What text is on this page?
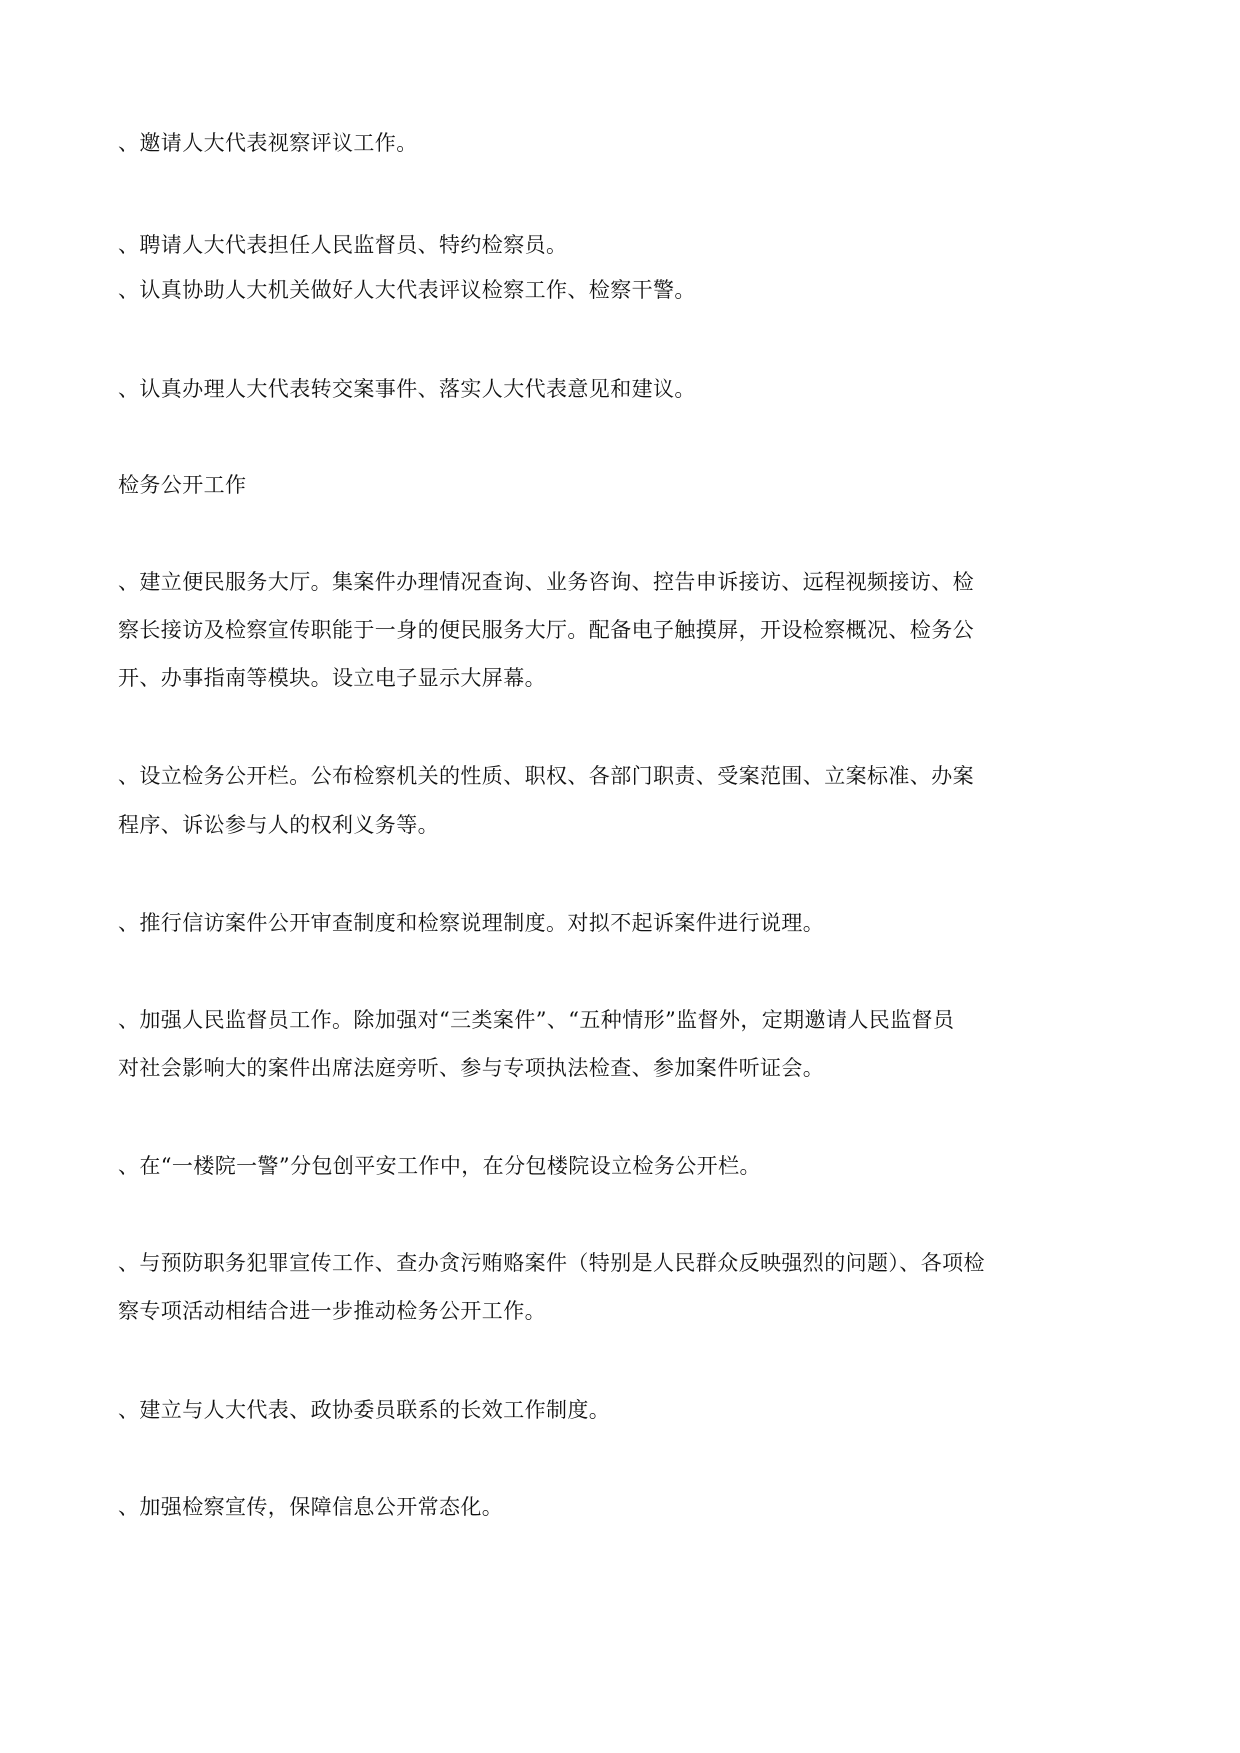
、邀请人大代表视察评议工作。
、聘请人大代表担任人民监督员、特约检察员。
、认真协助人大机关做好人大代表评议检察工作、检察干警。
、认真办理人大代表转交案事件、落实人大代表意见和建议。
检务公开工作
、建立便民服务大厅。集案件办理情况查询、业务咨询、控告申诉接访、远程视频接访、检
察长接访及检察宣传职能于一身的便民服务大厅。配备电子触摸屏，开设检察概况、检务公
开、办事指南等模块。设立电子显示大屏幕。
、设立检务公开栏。公布检察机关的性质、职权、各部门职责、受案范围、立案标准、办案
程序、诉讼参与人的权利义务等。
、推行信访案件公开审查制度和检察说理制度。对拟不起诉案件进行说理。
、加强人民监督员工作。除加强对“三类案件”、“五种情形”监督外，定期邀请人民监督员
对社会影响大的案件出席法庭旁听、参与专项执法检查、参加案件听证会。
、在“一楼院一警”分包创平安工作中，在分包楼院设立检务公开栏。
、与预防职务犯罪宣传工作、查办贪污贿赂案件（特别是人民群众反映强烈的问题）、各项检
察专项活动相结合进一步推动检务公开工作。
、建立与人大代表、政协委员联系的长效工作制度。
、加强检察宣传，保障信息公开常态化。
